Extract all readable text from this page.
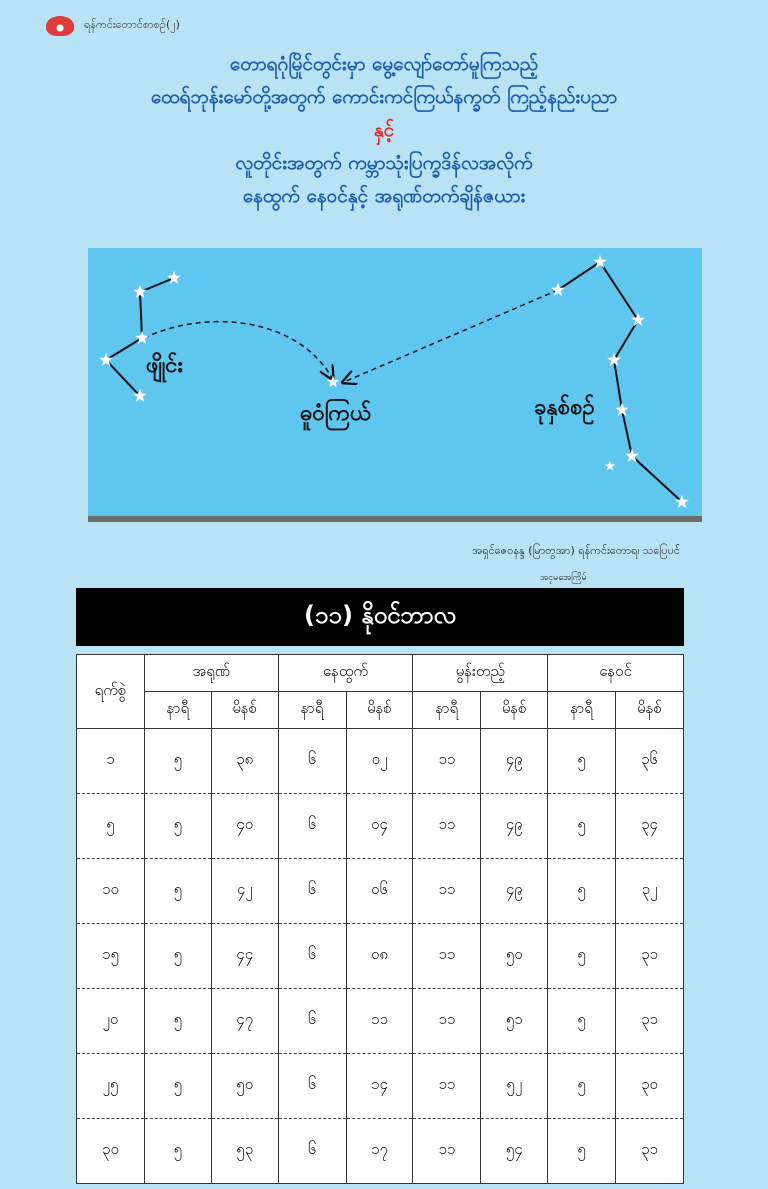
ရန်ကင်းတောင်စာစဥ်(၂)
တောရဂုံမြိုင်တွင်းမှာ မွေ့လျော်တော်မူကြသည့်
ထေရ်ဘုန်းမော်တို့အတွက် ကောင်းကင်ကြယ်နက္ခတ် ကြည့်နည်းပညာ
နှင့်
လူတိုင်းအတွက် ကမ္ဘာသုံးပြက္ခဒိန်လအလိုက်
နေထွက် နေဝင်နှင့် အရုဏ်တက်ချိန်ဇယား
ဖျိုင်း
ဓူဝံကြယ်	ခုနှစ်စဥ်
အရှင်ဇေဝနန္ဒ (မြာတွအာ) ရန်ကင်းတောရ၊ သပြေပင်
အငှမအေကြိမ်
(၁၁) နိုဝင်ဘာလ
ရက်စွဲ	အရုဏ်		နေထွက်		မွန်းတည့်		နေဝင်	
	နာရီ	မိနစ်	နာရီ	မိနစ်	နာရီ	မိနစ်	နာရီ	မိနစ်
၁	၅	၃၈	၆	၀၂	၁၁	၄၉	၅	၃၆
၅	၅	၄၀	၆	၀၄	၁၁	၄၉	၅	၃၄
၁၀	၅	၄၂	၆	၀၆	၁၁	၄၉	၅	၃၂
၁၅	၅	၄၄	၆	၀၈	၁၁	၅၀	၅	၃၁
၂၀	၅	၄၇	၆	၁၁	၁၁	၅၁	၅	၃၁
၂၅	၅	၅၀	၆	၁၄	၁၁	၅၂	၅	၃၀
၃၀	၅	၅၃	၆	၁၇	၁၁	၅၄	၅	၃၁
